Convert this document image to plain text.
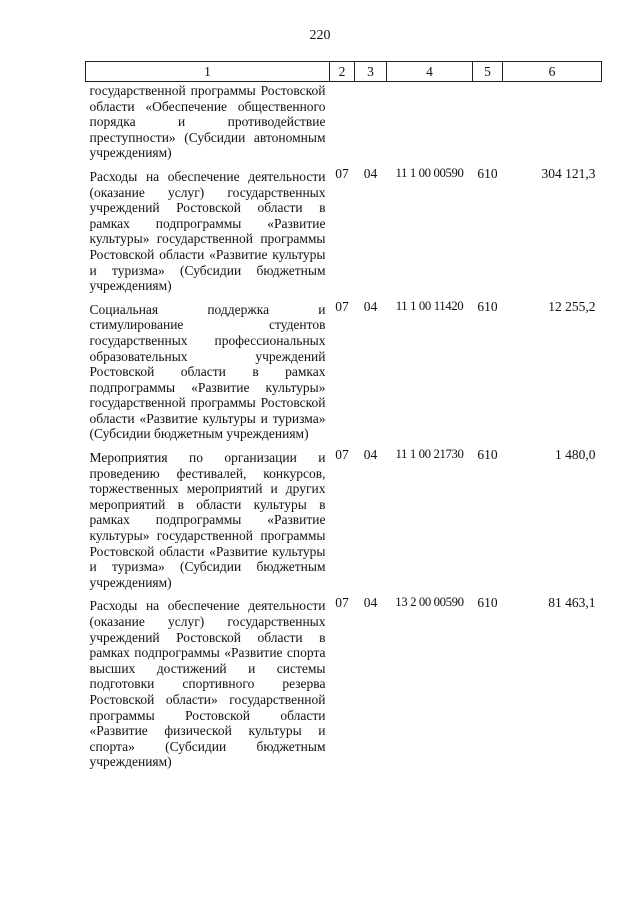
220
1	2	3	4	5	6
государственной программы Ростовской области «Обеспечение общественного порядка и противодействие преступности» (Субсидии автономным учреждениям)					
Расходы на обеспечение деятельности (оказание услуг) государственных учреждений Ростовской области в рамках подпрограммы «Развитие культуры» государственной программы Ростовской области «Развитие культуры и туризма» (Субсидии бюджетным учреждениям)	07	04	11 1 00 00590	610	304 121,3
Социальная поддержка и стимулирование студентов государственных профессиональных образовательных учреждений Ростовской области в рамках подпрограммы «Развитие культуры» государственной программы Ростовской области «Развитие культуры и туризма» (Субсидии бюджетным учреждениям)	07	04	11 1 00 11420	610	12 255,2
Мероприятия по организации и проведению фестивалей, конкурсов, торжественных мероприятий и других мероприятий в области культуры в рамках подпрограммы «Развитие культуры» государственной программы Ростовской области «Развитие культуры и туризма» (Субсидии бюджетным учреждениям)	07	04	11 1 00 21730	610	1 480,0
Расходы на обеспечение деятельности (оказание услуг) государственных учреждений Ростовской области в рамках подпрограммы «Развитие спорта высших достижений и системы подготовки спортивного резерва Ростовской области» государственной программы Ростовской области «Развитие физической культуры и спорта» (Субсидии бюджетным учреждениям)	07	04	13 2 00 00590	610	81 463,1
